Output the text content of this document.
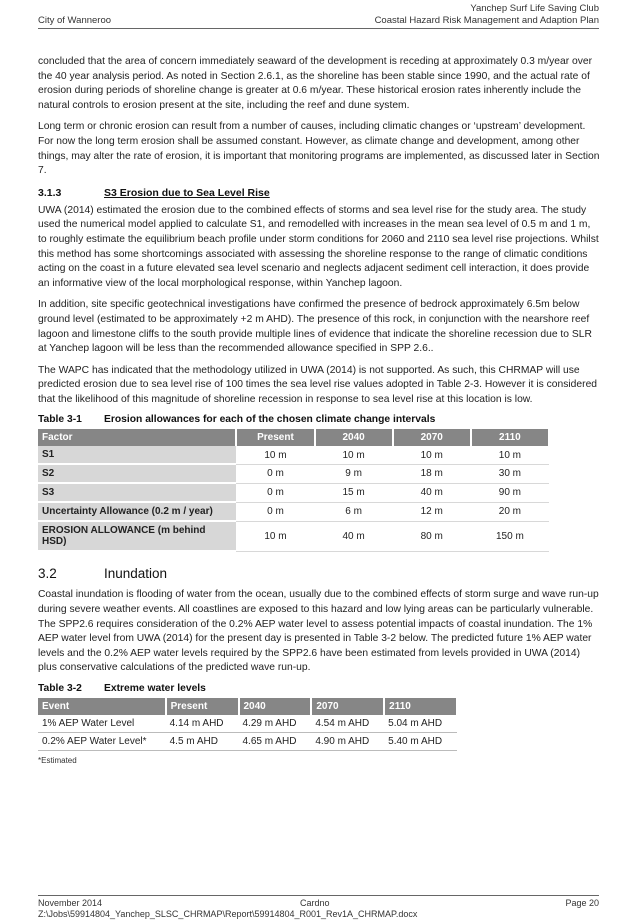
City of Wanneroo
Yanchep Surf Life Saving Club
Coastal Hazard Risk Management and Adaption Plan

concluded that the area of concern immediately seaward of the development is receding at approximately 0.3 m/year over the 40 year analysis period. As noted in Section 2.6.1, as the shoreline has been stable since 1990, and the actual rate of erosion during periods of shoreline change is greater at 0.6 m/year. These historical erosion rates inherently include the natural controls to erosion present at the site, including the reef and dune system.

Long term or chronic erosion can result from a number of causes, including climatic changes or ‘upstream’ development. For now the long term erosion shall be assumed constant. However, as climate change and development, among other things, may alter the rate of erosion, it is important that monitoring programs are implemented, as discussed later in Section 7.

3.1.3	S3 Erosion due to Sea Level Rise

UWA (2014) estimated the erosion due to the combined effects of storms and sea level rise for the study area. The study used the numerical model applied to calculate S1, and remodelled with increases in the mean sea level of 0.5 m and 1 m, to roughly estimate the equilibrium beach profile under storm conditions for 2060 and 2110 sea level rise projections. Whilst this method has some shortcomings associated with assessing the shoreline response to the range of climatic conditions acting on the coast in a future elevated sea level scenario and neglects adjacent sediment cell interaction, it does provide an informative view of the local morphological response, within Yanchep lagoon.

In addition, site specific geotechnical investigations have confirmed the presence of bedrock approximately 6.5m below ground level (estimated to be approximately +2 m AHD). The presence of this rock, in conjunction with the nearshore reef lagoon and limestone cliffs to the south provide multiple lines of evidence that indicate the shoreline recession due to SLR at Yanchep lagoon will be less than the recommended allowance specified in SPP 2.6..

The WAPC has indicated that the methodology utilized in UWA (2014) is not supported. As such, this CHRMAP will use predicted erosion due to sea level rise of 100 times the sea level rise values adopted in Table 2-3. However it is considered that the likelihood of this magnitude of shoreline recession in response to sea level rise at this location is low.

Table 3-1 Erosion allowances for each of the chosen climate change intervals
Factor	Present	2040	2070	2110
S1	10 m	10 m	10 m	10 m
S2	0 m	9 m	18 m	30 m
S3	0 m	15 m	40 m	90 m
Uncertainty Allowance (0.2 m / year)	0 m	6 m	12 m	20 m
EROSION ALLOWANCE (m behind HSD)	10 m	40 m	80 m	150 m
3.2	Inundation

Coastal inundation is flooding of water from the ocean, usually due to the combined effects of storm surge and wave run-up during severe weather events. All coastlines are exposed to this hazard and low lying areas can be particularly vulnerable. The SPP2.6 requires consideration of the 0.2% AEP water level to assess potential impacts of coastal inundation. The 1% AEP water level from UWA (2014) for the present day is presented in Table 3-2 below. The predicted future 1% AEP water levels and the 0.2% AEP water levels required by the SPP2.6 have been estimated from levels provided in UWA (2014) plus conservative calculations of the predicted wave run-up.

Table 3-2 Extreme water levels
Event	Present	2040	2070	2110
1% AEP Water Level	4.14 m AHD	4.29 m AHD	4.54 m AHD	5.04 m AHD
0.2% AEP Water Level*	4.5 m AHD	4.65 m AHD	4.90 m AHD	5.40 m AHD
*Estimated
November 2014	Cardno	Page 20
Z:\Jobs\59914804_Yanchep_SLSC_CHRMAP\Report\59914804_R001_Rev1A_CHRMAP.docx
